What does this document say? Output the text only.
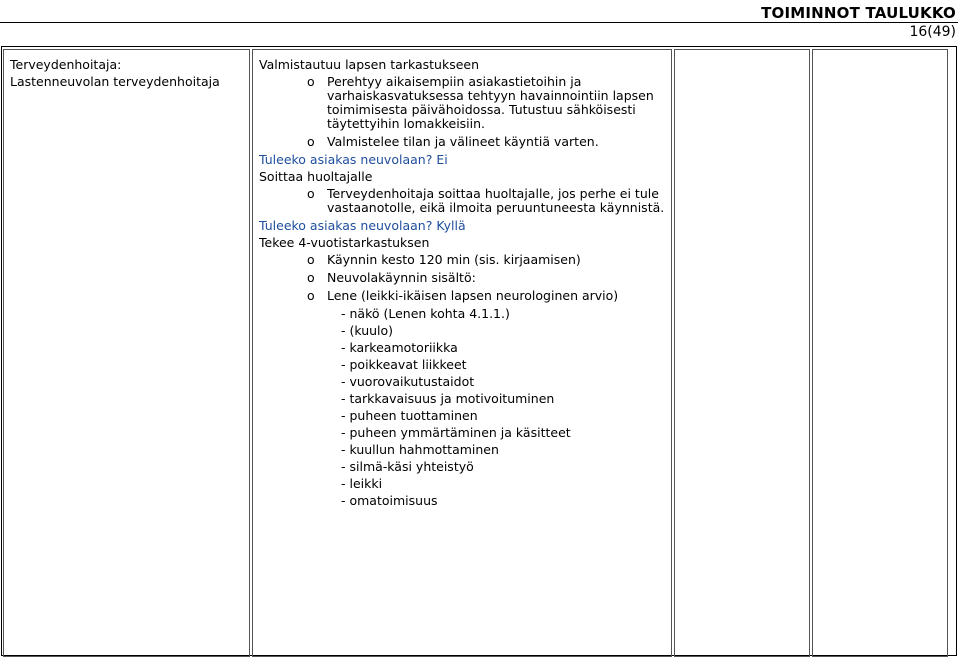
TOIMINNOT TAULUKKO
16(49)

Terveydenhoitaja:

Lastenneuvolan terveydenhoitaja

Valmistautuu lapsen tarkastukseen

o Perehtyy aikaisempiin asiakastietoihin ja varhaiskasvatuksessa tehtyyn havainnointiin lapsen toimimisesta päivähoidossa. Tutustuu sähköisesti täytettyihin lomakkeisiin.
o Valmistelee tilan ja välineet käyntiä varten.

Tuleeko asiakas neuvolaan? Ei

Soittaa huoltajalle

o Terveydenhoitaja soittaa huoltajalle, jos perhe ei tule vastaanotolle, eikä ilmoita peruuntuneesta käynnistä.

Tuleeko asiakas neuvolaan? Kyllä

Tekee 4-vuotistarkastuksen

o Käynnin kesto 120 min (sis. kirjaamisen)
o Neuvolakäynnin sisältö:
o Lene (leikki-ikäisen lapsen neurologinen arvio)
- näkö (Lenen kohta 4.1.1.)
- (kuulo)
- karkeamotoriikka
- poikkeavat liikkeet
- vuorovaikutustaidot
- tarkkavaisuus ja motivoituminen
- puheen tuottaminen
- puheen ymmärtäminen ja käsitteet
- kuullun hahmottaminen
- silmä-käsi yhteistyö
- leikki
- omatoimisuus
